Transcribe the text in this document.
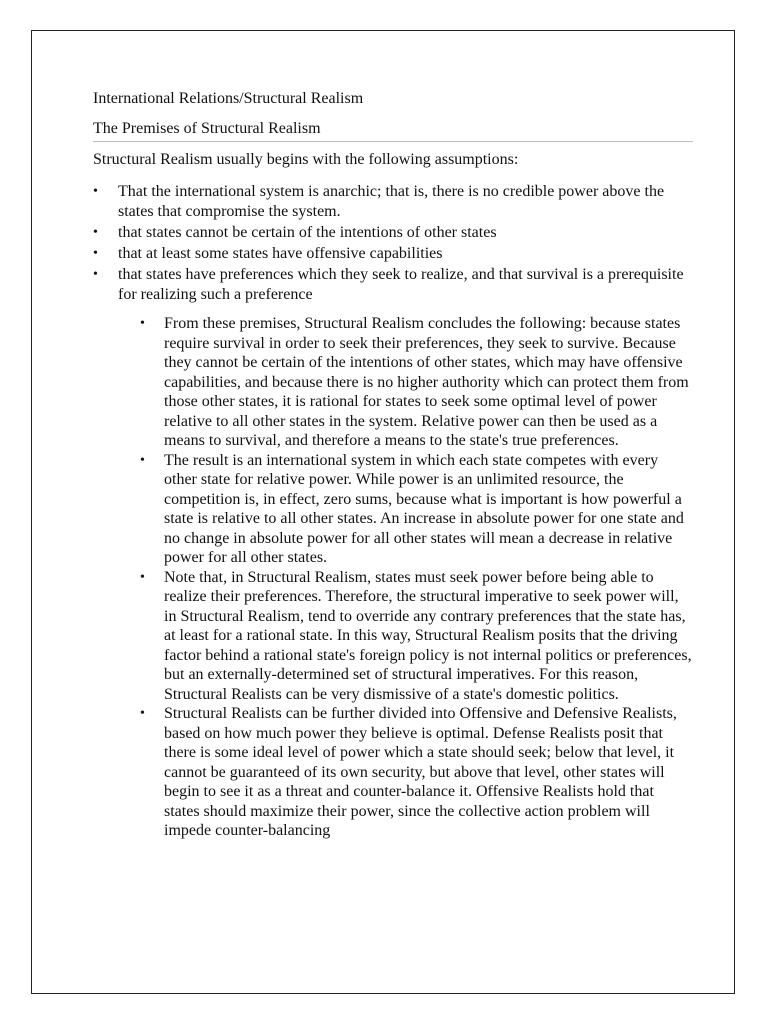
International Relations/Structural Realism
The Premises of Structural Realism

Structural Realism usually begins with the following assumptions:

• That the international system is anarchic; that is, there is no credible power above the states that compromise the system.
• that states cannot be certain of the intentions of other states
• that at least some states have offensive capabilities
• that states have preferences which they seek to realize, and that survival is a prerequisite for realizing such a preference
• From these premises, Structural Realism concludes the following: because states require survival in order to seek their preferences, they seek to survive. Because they cannot be certain of the intentions of other states, which may have offensive capabilities, and because there is no higher authority which can protect them from those other states, it is rational for states to seek some optimal level of power relative to all other states in the system. Relative power can then be used as a means to survival, and therefore a means to the state's true preferences.
• The result is an international system in which each state competes with every other state for relative power. While power is an unlimited resource, the competition is, in effect, zero sums, because what is important is how powerful a state is relative to all other states. An increase in absolute power for one state and no change in absolute power for all other states will mean a decrease in relative power for all other states.
• Note that, in Structural Realism, states must seek power before being able to realize their preferences. Therefore, the structural imperative to seek power will, in Structural Realism, tend to override any contrary preferences that the state has, at least for a rational state. In this way, Structural Realism posits that the driving factor behind a rational state's foreign policy is not internal politics or preferences, but an externally-determined set of structural imperatives. For this reason, Structural Realists can be very dismissive of a state's domestic politics.
• Structural Realists can be further divided into Offensive and Defensive Realists, based on how much power they believe is optimal. Defense Realists posit that there is some ideal level of power which a state should seek; below that level, it cannot be guaranteed of its own security, but above that level, other states will begin to see it as a threat and counter-balance it. Offensive Realists hold that states should maximize their power, since the collective action problem will impede counter-balancing
